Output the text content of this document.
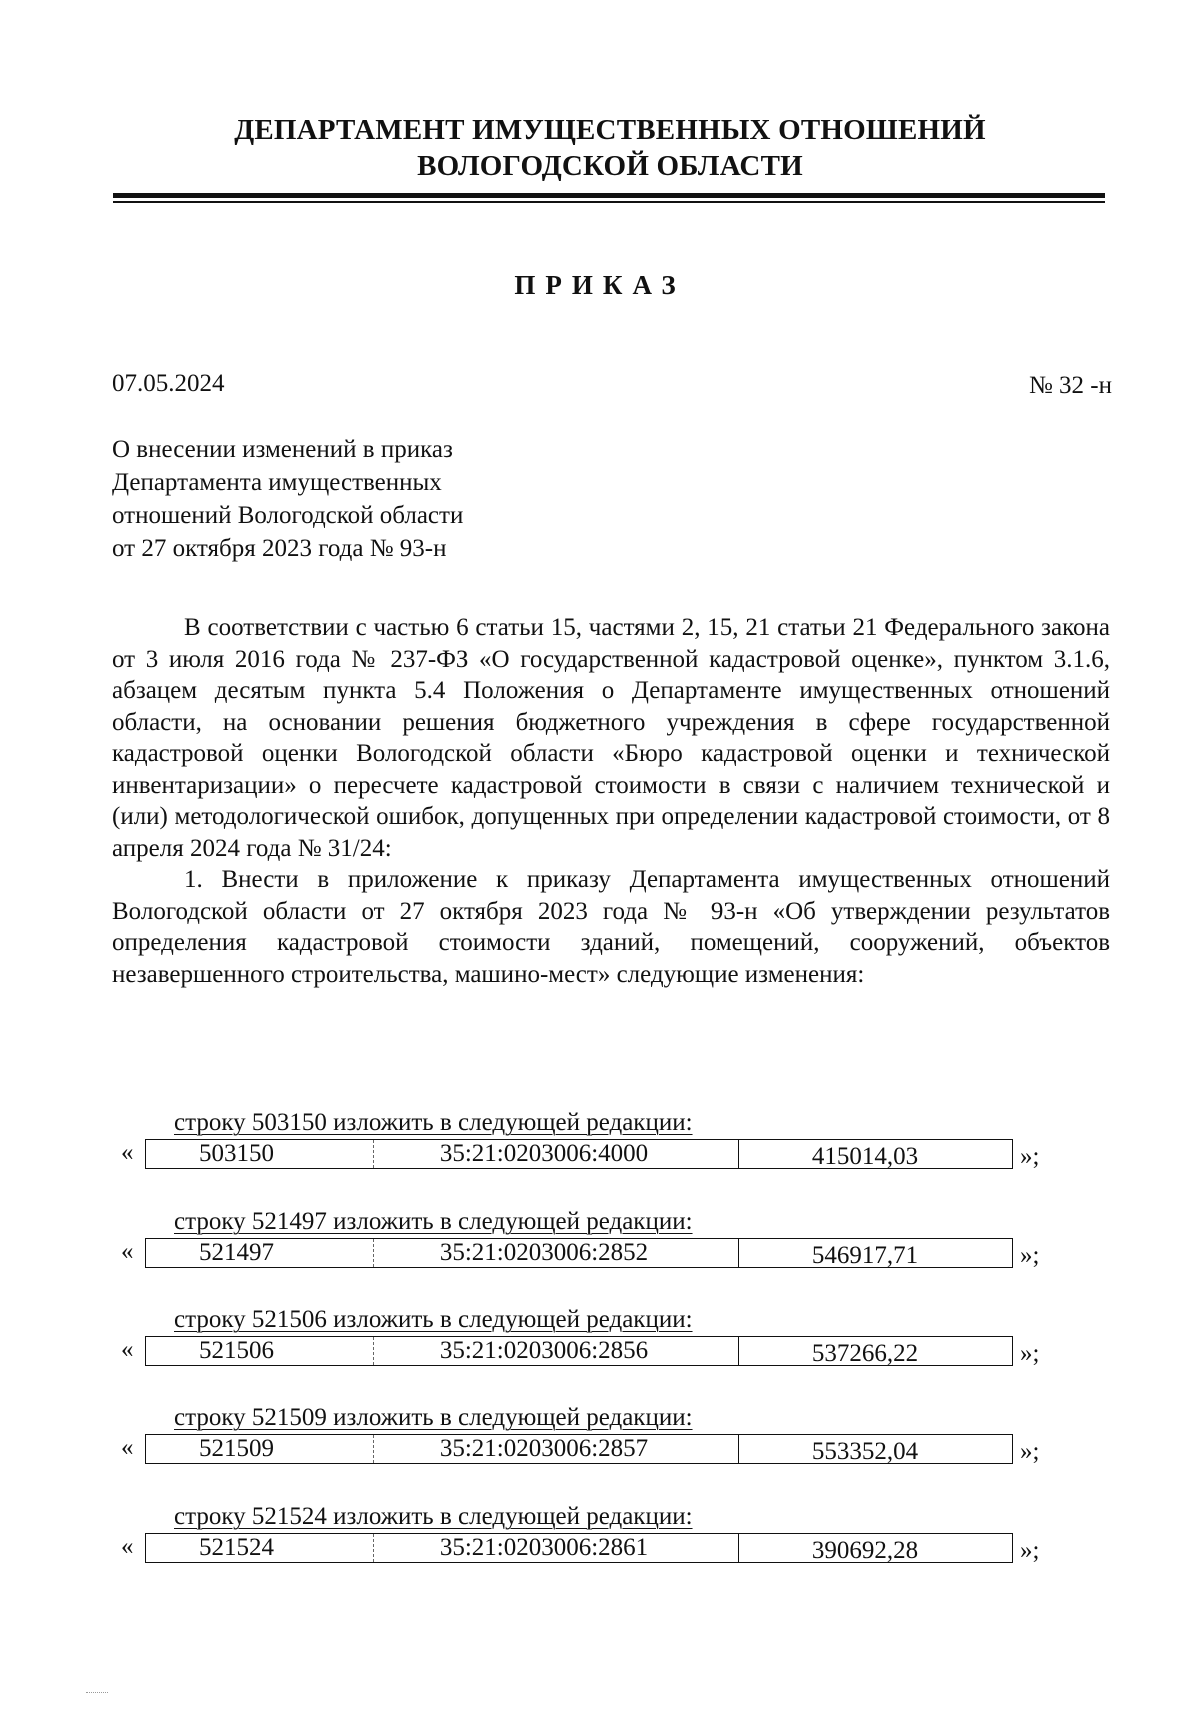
ДЕПАРТАМЕНТ ИМУЩЕСТВЕННЫХ ОТНОШЕНИЙ
ВОЛОГОДСКОЙ ОБЛАСТИ
ПРИКАЗ
07.05.2024	№ 32 -н
О внесении изменений в приказ
Департамента имущественных
отношений Вологодской области
от 27 октября 2023 года № 93-н

В соответствии с частью 6 статьи 15, частями 2, 15, 21 статьи 21 Федерального закона от 3 июля 2016 года № 237-ФЗ «О государственной кадастровой оценке», пунктом 3.1.6, абзацем десятым пункта 5.4 Положения о Департаменте имущественных отношений области, на основании решения бюджетного учреждения в сфере государственной кадастровой оценки Вологодской области «Бюро кадастровой оценки и технической инвентаризации» о пересчете кадастровой стоимости в связи с наличием технической и (или) методологической ошибок, допущенных при определении кадастровой стоимости, от 8 апреля 2024 года № 31/24:

1. Внести в приложение к приказу Департамента имущественных отношений Вологодской области от 27 октября 2023 года № 93-н «Об утверждении результатов определения кадастровой стоимости зданий, помещений, сооружений, объектов незавершенного строительства, машино-мест» следующие изменения:

строку 503150 изложить в следующей редакции:
«	503150	35:21:0203006:4000	415014,03	»;
строку 521497 изложить в следующей редакции:
«	521497	35:21:0203006:2852	546917,71	»;
строку 521506 изложить в следующей редакции:
«	521506	35:21:0203006:2856	537266,22	»;
строку 521509 изложить в следующей редакции:
«	521509	35:21:0203006:2857	553352,04	»;
строку 521524 изложить в следующей редакции:
«	521524	35:21:0203006:2861	390692,28	»;
